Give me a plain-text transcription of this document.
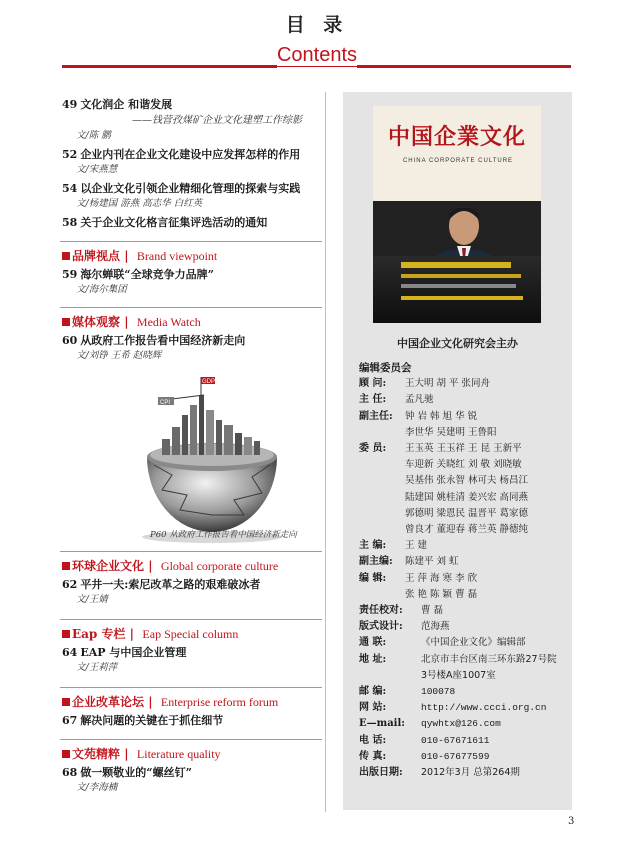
目 录
Contents
49 文化润企 和谐发展
——钱营孜煤矿企业文化建塑工作综影
文/陈 鹏
52 企业内刊在企业文化建设中应发挥怎样的作用
文/宋燕慧
54 以企业文化引领企业精细化管理的探索与实践
文/杨建国 游燕 高志华 白红英
58 关于企业文化格言征集评选活动的通知
品牌视点 |  Brand viewpoint
59 海尔蝉联“全球竞争力品牌”
文/海尔集团
媒体观察 |  Media Watch
60 从政府工作报告看中国经济新走向
文/刘铮 王希 赵晓辉
CPI
GDP
P60 从政府工作报告看中国经济新走向
环球企业文化 |  Global corporate culture
62 平井一夫:索尼改革之路的艰难破冰者
文/王婧
Eap 专栏 |  Eap Special column
64 EAP 与中国企业管理
文/王莉萍
企业改革论坛 |  Enterprise reform forum
67 解决问题的关键在于抓住细节
文苑精粹 |  Literature quality
68 做一颗敬业的“螺丝钉”
文/李海楠
中国企業文化
CHINA CORPORATE CULTURE
中国企业文化研究会主办
编辑委员会
顾 问: 王大明 胡 平 张同舟
主 任: 孟凡驰
副主任: 钟 岩 韩 旭 华 锐
李世华 吴建明 王鲁阳
委 员: 王玉英 王玉祥 王 昆 王新平
车迎新 关晓红 刘 敬 刘晓敏
吴基伟 张永智 林可夫 杨昌江
陆建国 姚桂清 姜兴宏 高同燕
郭德明 梁恩民 温晋平 葛家德
曾良才 董迎春 蒋兰英 静德纯
主 编: 王 建
副主编: 陈建平 刘 虹
编 辑: 王 萍 海 寒 李 欣
张 艳 陈 颖 曹 磊
责任校对: 曹 磊
版式设计: 范海燕
通 联:	《中国企业文化》编辑部
地 址:	北京市丰台区南三环东路27号院
3号楼A座1007室
邮 编:	100078
网 站:	http://www.ccci.org.cn
E—mail: qywhtx@126.com
电 话:	010-67671611
传 真:	010-67677599
出版日期: 2012年3月 总第264期
3
